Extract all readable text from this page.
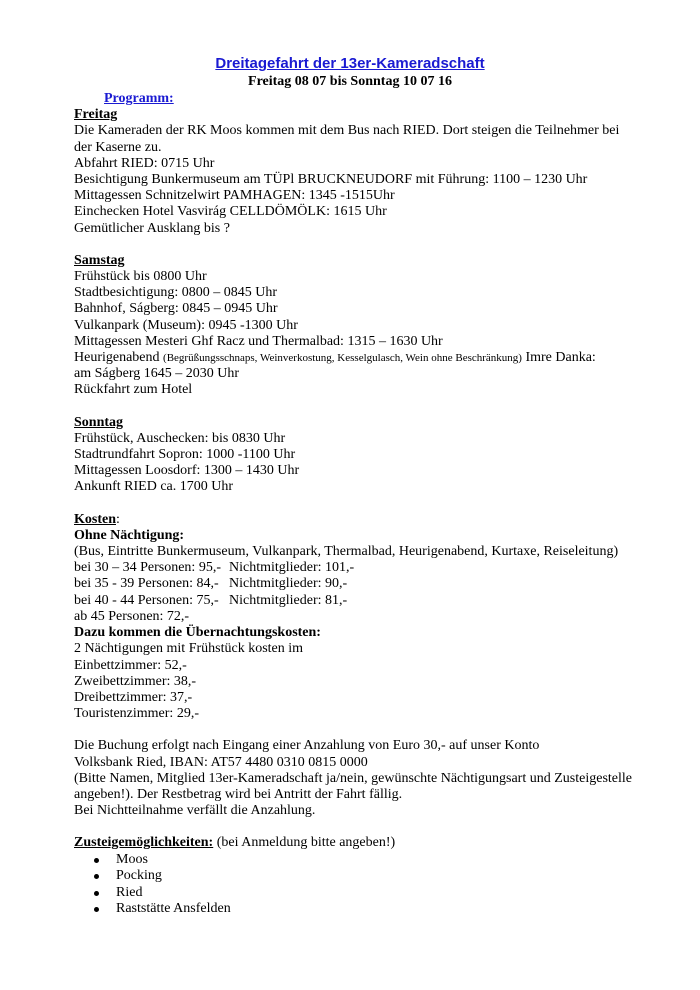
Dreitagefahrt der 13er-Kameradschaft
Freitag 08 07 bis Sonntag 10 07 16
Programm:
Freitag
Die Kameraden der RK Moos kommen mit dem Bus nach RIED. Dort steigen die Teilnehmer bei der Kaserne zu.
Abfahrt RIED: 0715 Uhr
Besichtigung Bunkermuseum am TÜPl BRUCKNEUDORF mit Führung: 1100 – 1230 Uhr
Mittagessen Schnitzelwirt PAMHAGEN: 1345 -1515Uhr
Einchecken Hotel Vasvirág CELLDÖMÖLK: 1615 Uhr
Gemütlicher Ausklang bis ?
Samstag
Frühstück bis 0800 Uhr
Stadtbesichtigung: 0800 – 0845 Uhr
Bahnhof, Ságberg: 0845 – 0945 Uhr
Vulkanpark (Museum): 0945 -1300 Uhr
Mittagessen Mesteri Ghf Racz und Thermalbad: 1315 – 1630 Uhr
Heurigenabend (Begrüßungsschnaps, Weinverkostung, Kesselgulasch, Wein ohne Beschränkung) Imre Danka:
am Ságberg 1645 – 2030 Uhr
Rückfahrt zum Hotel
Sonntag
Frühstück, Auschecken: bis 0830 Uhr
Stadtrundfahrt Sopron: 1000 -1100 Uhr
Mittagessen Loosdorf: 1300 – 1430 Uhr
Ankunft RIED ca. 1700 Uhr
Kosten:
Ohne Nächtigung:
(Bus, Eintritte Bunkermuseum, Vulkanpark, Thermalbad, Heurigenabend, Kurtaxe, Reiseleitung)
bei 30 – 34 Personen: 95,- Nichtmitglieder: 101,-
bei 35 - 39 Personen: 84,- Nichtmitglieder: 90,-
bei 40 - 44 Personen: 75,- Nichtmitglieder: 81,-
ab 45 Personen: 72,-
Dazu kommen die Übernachtungskosten:
2 Nächtigungen mit Frühstück kosten im
Einbettzimmer: 52,-
Zweibettzimmer: 38,-
Dreibettzimmer: 37,-
Touristenzimmer: 29,-
Die Buchung erfolgt nach Eingang einer Anzahlung von Euro 30,- auf unser Konto
Volksbank Ried, IBAN: AT57 4480 0310 0815 0000
(Bitte Namen, Mitglied 13er-Kameradschaft ja/nein, gewünschte Nächtigungsart und Zusteigestelle angeben!). Der Restbetrag wird bei Antritt der Fahrt fällig.
Bei Nichtteilnahme verfällt die Anzahlung.
Zusteigemöglichkeiten: (bei Anmeldung bitte angeben!)
Moos
Pocking
Ried
Raststätte Ansfelden
